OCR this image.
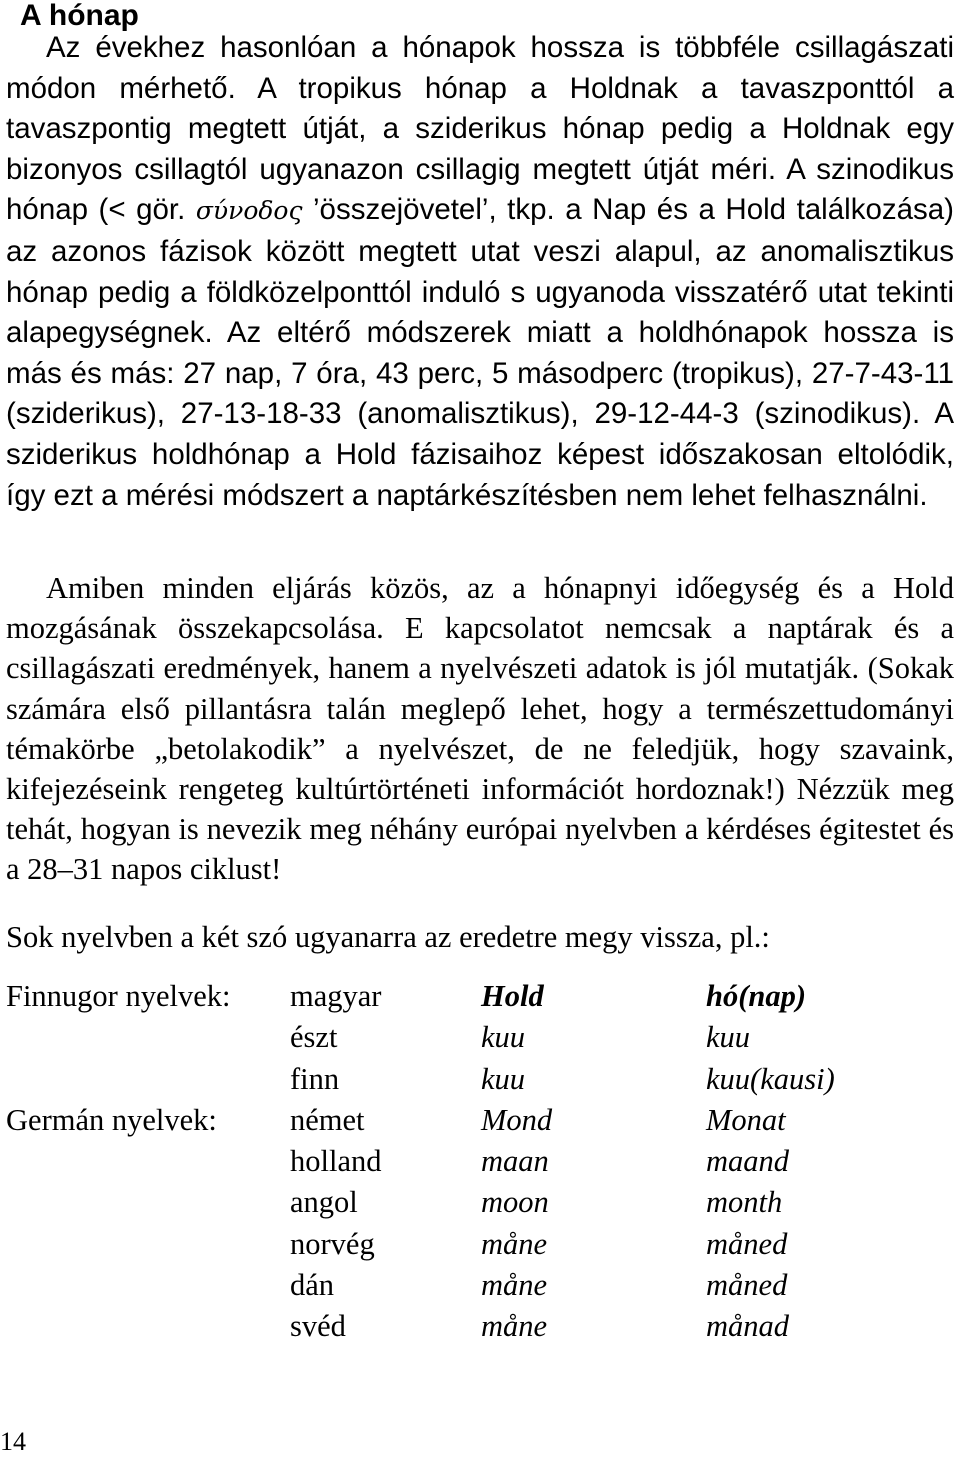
A hónap

Az évekhez hasonlóan a hónapok hossza is többféle csillagászati módon mérhető. A tropikus hónap a Holdnak a tavaszponttól a tavaszpontig megtett útját, a sziderikus hónap pedig a Holdnak egy bizonyos csillagtól ugyanazon csillagig megtett útját méri. A szinodikus hónap (< gör. σύνοδος ’összejövetel’, tkp. a Nap és a Hold találkozása) az azonos fázisok között megtett utat veszi alapul, az anomalisztikus hónap pedig a földközelponttól induló s ugyanoda visszatérő utat tekinti alapegységnek. Az eltérő módszerek miatt a holdhónapok hossza is más és más: 27 nap, 7 óra, 43 perc, 5 másodperc (tropikus), 27-7-43-11 (sziderikus), 27-13-18-33 (anomalisztikus), 29-12-44-3 (szinodikus). A sziderikus holdhónap a Hold fázisaihoz képest időszakosan eltolódik, így ezt a mérési módszert a naptárkészítésben nem lehet felhasználni.

Amiben minden eljárás közös, az a hónapnyi időegység és a Hold mozgásának összekapcsolása. E kapcsolatot nemcsak a naptárak és a csillagászati eredmények, hanem a nyelvészeti adatok is jól mutatják. (Sokak számára első pillantásra talán meglepő lehet, hogy a természettudományi témakörbe „betolakodik” a nyelvészet, de ne feledjük, hogy szavaink, kifejezéseink rengeteg kultúrtörténeti információt hordoznak!) Nézzük meg tehát, hogyan is nevezik meg néhány európai nyelvben a kérdéses égitestet és a 28–31 napos ciklust!

Sok nyelvben a két szó ugyanarra az eredetre megy vissza, pl.:

Finnugor nyelvek: magyar	Hold	hó(nap)
észt	kuu	kuu
finn	kuu	kuu(kausi)
Germán nyelvek: német	Mond	Monat
holland	maan	maand
angol	moon	month
norvég	måne	måned
dán	måne	måned
svéd	måne	månad
14
